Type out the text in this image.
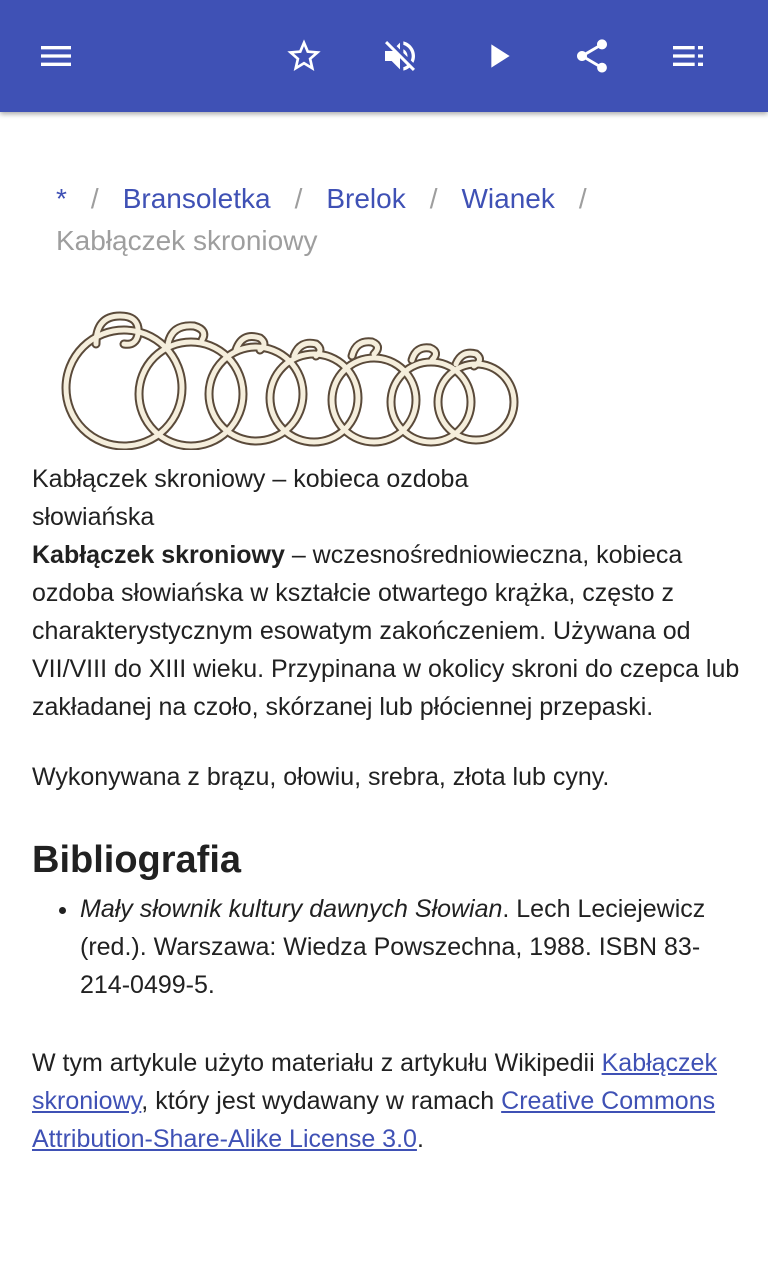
* / Bransoletka / Brelok / Wianek /
Kabłączek skroniowy

Kabłączek skroniowy – kobieca ozdoba słowiańska

Kabłączek skroniowy – wczesnośredniowieczna, kobieca ozdoba słowiańska w kształcie otwartego krążka, często z charakterystycznym esowatym zakończeniem. Używana od VII/VIII do XIII wieku. Przypinana w okolicy skroni do czepca lub zakładanej na czoło, skórzanej lub płóciennej przepaski.

Wykonywana z brązu, ołowiu, srebra, złota lub cyny.

Bibliografia
• Mały słownik kultury dawnych Słowian. Lech Leciejewicz (red.). Warszawa: Wiedza Powszechna, 1988. ISBN 83-214-0499-5.

W tym artykule użyto materiału z artykułu Wikipedii Kabłączek skroniowy, który jest wydawany w ramach Creative Commons Attribution-Share-Alike License 3.0.
